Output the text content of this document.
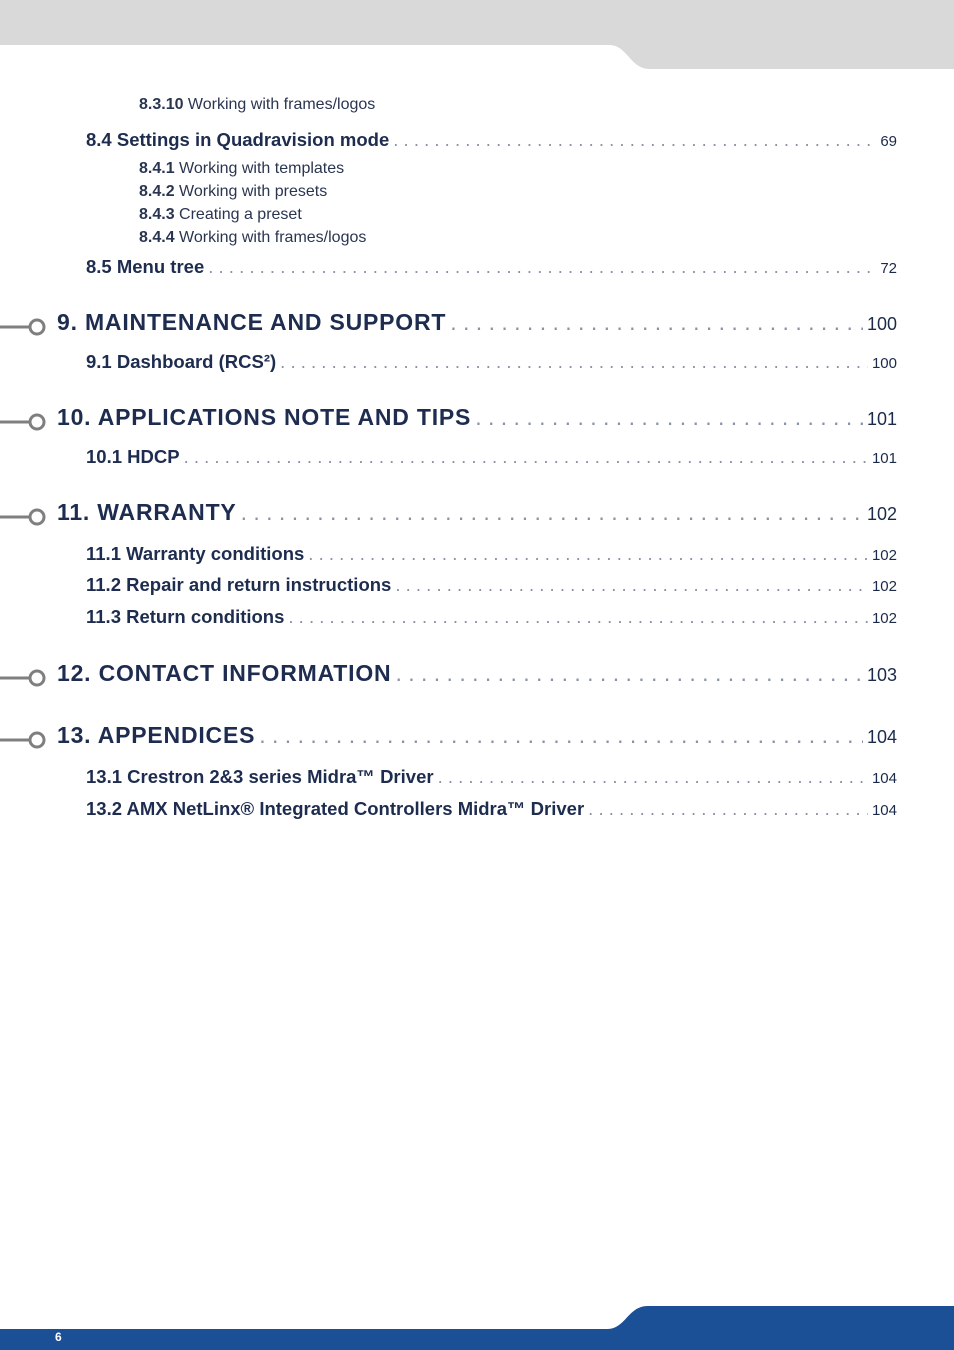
8.3.10 Working with frames/logos
8.4 Settings in Quadravision mode . . .	69
8.4.1 Working with templates
8.4.2 Working with presets
8.4.3 Creating a preset
8.4.4 Working with frames/logos
8.5 Menu tree . . .	72
9. MAINTENANCE AND SUPPORT . . .	100
9.1 Dashboard (RCS²) . . .	100
10. APPLICATIONS NOTE AND TIPS . . .	101
10.1 HDCP . . .	101
11. WARRANTY . . .	102
11.1 Warranty conditions . . .	102
11.2 Repair and return instructions . . .	102
11.3 Return conditions . . .	102
12. CONTACT INFORMATION . . .	103
13. APPENDICES . . .	104
13.1 Crestron 2&3 series Midra™ Driver . . .	104
13.2 AMX NetLinx® Integrated Controllers Midra™ Driver . . .	104
6
